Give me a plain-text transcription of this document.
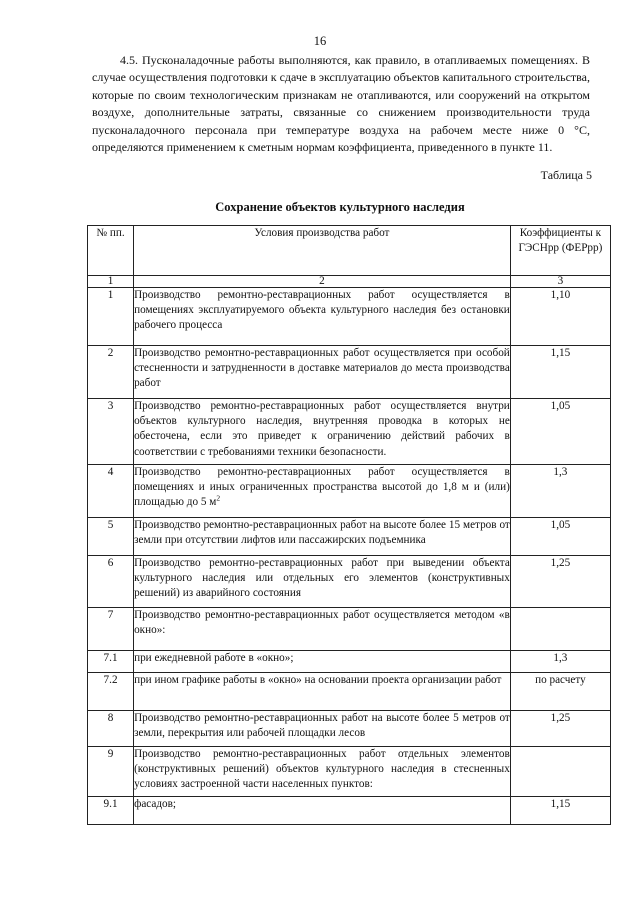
16

4.5. Пусконаладочные работы выполняются, как правило, в отапливаемых помещениях. В случае осуществления подготовки к сдаче в эксплуатацию объектов капитального строительства, которые по своим технологическим признакам не отапливаются, или сооружений на открытом воздухе, дополнительные затраты, связанные со снижением производительности труда пусконаладочного персонала при температуре воздуха на рабочем месте ниже 0 °С, определяются применением к сметным нормам коэффициента, приведенного в пункте 11.

Таблица 5
Сохранение объектов культурного наследия
№ пп.	Условия производства работ	Коэффициенты к ГЭСНрр (ФЕРрр)
1	2	3
1	Производство ремонтно-реставрационных работ осуществляется в помещениях эксплуатируемого объекта культурного наследия без остановки рабочего процесса	1,10
2	Производство ремонтно-реставрационных работ осуществляется при особой стесненности и затрудненности в доставке материалов до места производства работ	1,15
3	Производство ремонтно-реставрационных работ осуществляется внутри объектов культурного наследия, внутренняя проводка в которых не обесточена, если это приведет к ограничению действий рабочих в соответствии с требованиями техники безопасности.	1,05
4	Производство ремонтно-реставрационных работ осуществляется в помещениях и иных ограниченных пространства высотой до 1,8 м и (или) площадью до 5 $м^2$	1,3
5	Производство ремонтно-реставрационных работ на высоте более 15 метров от земли при отсутствии лифтов или пассажирских подъемника	1,05
6	Производство ремонтно-реставрационных работ при выведении объекта культурного наследия или отдельных его элементов (конструктивных решений) из аварийного состояния	1,25
7	Производство ремонтно-реставрационных работ осуществляется методом «в окно»:	
7.1	при ежедневной работе в «окно»;	1,3
7.2	при ином графике работы в «окно» на основании проекта организации работ	по расчету
8	Производство ремонтно-реставрационных работ на высоте более 5 метров от земли, перекрытия или рабочей площадки лесов	1,25
9	Производство ремонтно-реставрационных работ отдельных элементов (конструктивных решений) объектов культурного наследия в стесненных условиях застроенной части населенных пунктов:	
9.1	фасадов;	1,15
